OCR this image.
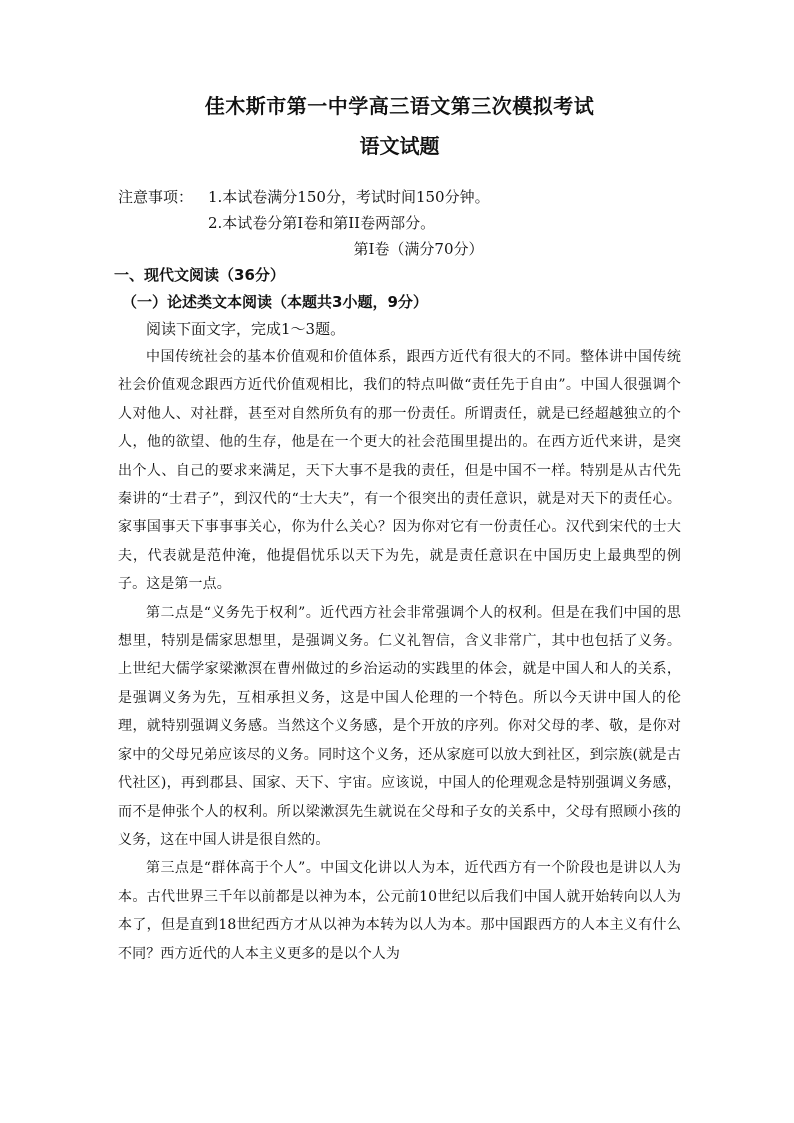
佳木斯市第一中学高三语文第三次模拟考试
语文试题
注意事项： 1.本试卷满分150分，考试时间150分钟。
2.本试卷分第Ⅰ卷和第II卷两部分。
第Ⅰ卷（满分70分）
一、现代文阅读（36分）
（一）论述类文本阅读（本题共3小题，9分）
阅读下面文字，完成1～3题。

中国传统社会的基本价值观和价值体系，跟西方近代有很大的不同。整体讲中国传统社会价值观念跟西方近代价值观相比，我们的特点叫做“责任先于自由”。中国人很强调个人对他人、对社群，甚至对自然所负有的那一份责任。所谓责任，就是已经超越独立的个人，他的欲望、他的生存，他是在一个更大的社会范围里提出的。在西方近代来讲，是突出个人、自己的要求来满足，天下大事不是我的责任，但是中国不一样。特别是从古代先秦讲的“士君子”，到汉代的“士大夫”，有一个很突出的责任意识，就是对天下的责任心。家事国事天下事事事关心，你为什么关心？因为你对它有一份责任心。汉代到宋代的士大夫，代表就是范仲淹，他提倡忧乐以天下为先，就是责任意识在中国历史上最典型的例子。这是第一点。

第二点是“义务先于权利”。近代西方社会非常强调个人的权利。但是在我们中国的思想里，特别是儒家思想里，是强调义务。仁义礼智信，含义非常广，其中也包括了义务。上世纪大儒学家梁漱溟在曹州做过的乡治运动的实践里的体会，就是中国人和人的关系，是强调义务为先，互相承担义务，这是中国人伦理的一个特色。所以今天讲中国人的伦理，就特别强调义务感。当然这个义务感，是个开放的序列。你对父母的孝、敬，是你对家中的父母兄弟应该尽的义务。同时这个义务，还从家庭可以放大到社区，到宗族(就是古代社区)，再到郡县、国家、天下、宇宙。应该说，中国人的伦理观念是特别强调义务感，而不是伸张个人的权利。所以梁漱溟先生就说在父母和子女的关系中，父母有照顾小孩的义务，这在中国人讲是很自然的。

第三点是“群体高于个人”。中国文化讲以人为本，近代西方有一个阶段也是讲以人为本。古代世界三千年以前都是以神为本，公元前10世纪以后我们中国人就开始转向以人为本了，但是直到18世纪西方才从以神为本转为以人为本。那中国跟西方的人本主义有什么不同？西方近代的人本主义更多的是以个人为
